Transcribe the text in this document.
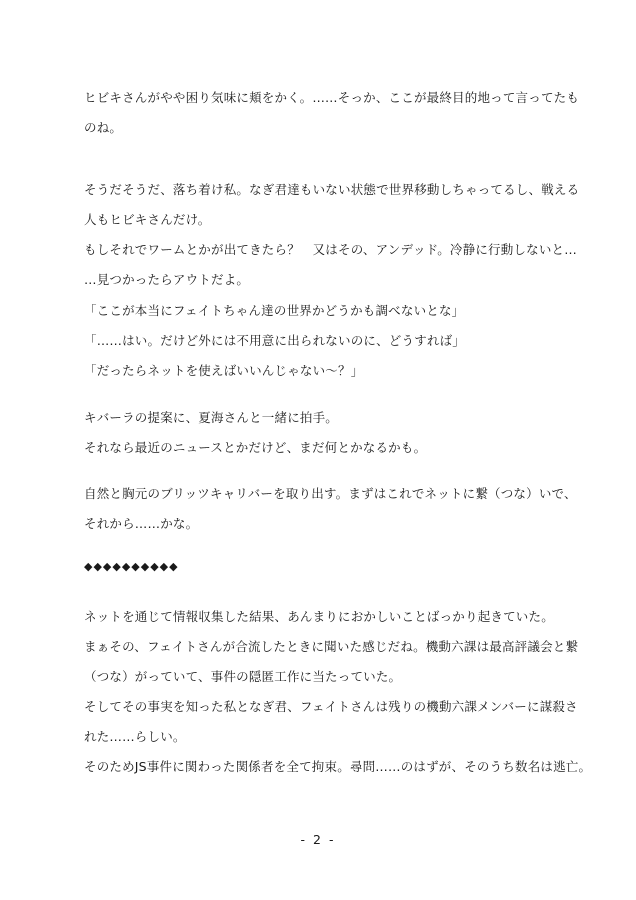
ヒビキさんがやや困り気味に頬をかく。……そっか、ここが最終目的地って言ってたも
のね。
そうだそうだ、落ち着け私。なぎ君達もいない状態で世界移動しちゃってるし、戦える
人もヒビキさんだけ。
もしそれでワームとかが出てきたら？　又はその、アンデッド。冷静に行動しないと…
…見つかったらアウトだよ。
「ここが本当にフェイトちゃん達の世界かどうかも調べないとな」
「……はい。だけど外には不用意に出られないのに、どうすれば」
「だったらネットを使えばいいんじゃない～？」
キバーラの提案に、夏海さんと一緒に拍手。
それなら最近のニュースとかだけど、まだ何とかなるかも。
自然と胸元のブリッツキャリバーを取り出す。まずはこれでネットに繋（つな）いで、
それから……かな。
◆◆◆◆◆◆◆◆◆◆
ネットを通じて情報収集した結果、あんまりにおかしいことばっかり起きていた。
まぁその、フェイトさんが合流したときに聞いた感じだね。機動六課は最高評議会と繋
（つな）がっていて、事件の隠匿工作に当たっていた。
そしてその事実を知った私となぎ君、フェイトさんは残りの機動六課メンバーに謀殺さ
れた……らしい。
そのためJS事件に関わった関係者を全て拘束。尋問……のはずが、そのうち数名は逃亡。
- 2 -
